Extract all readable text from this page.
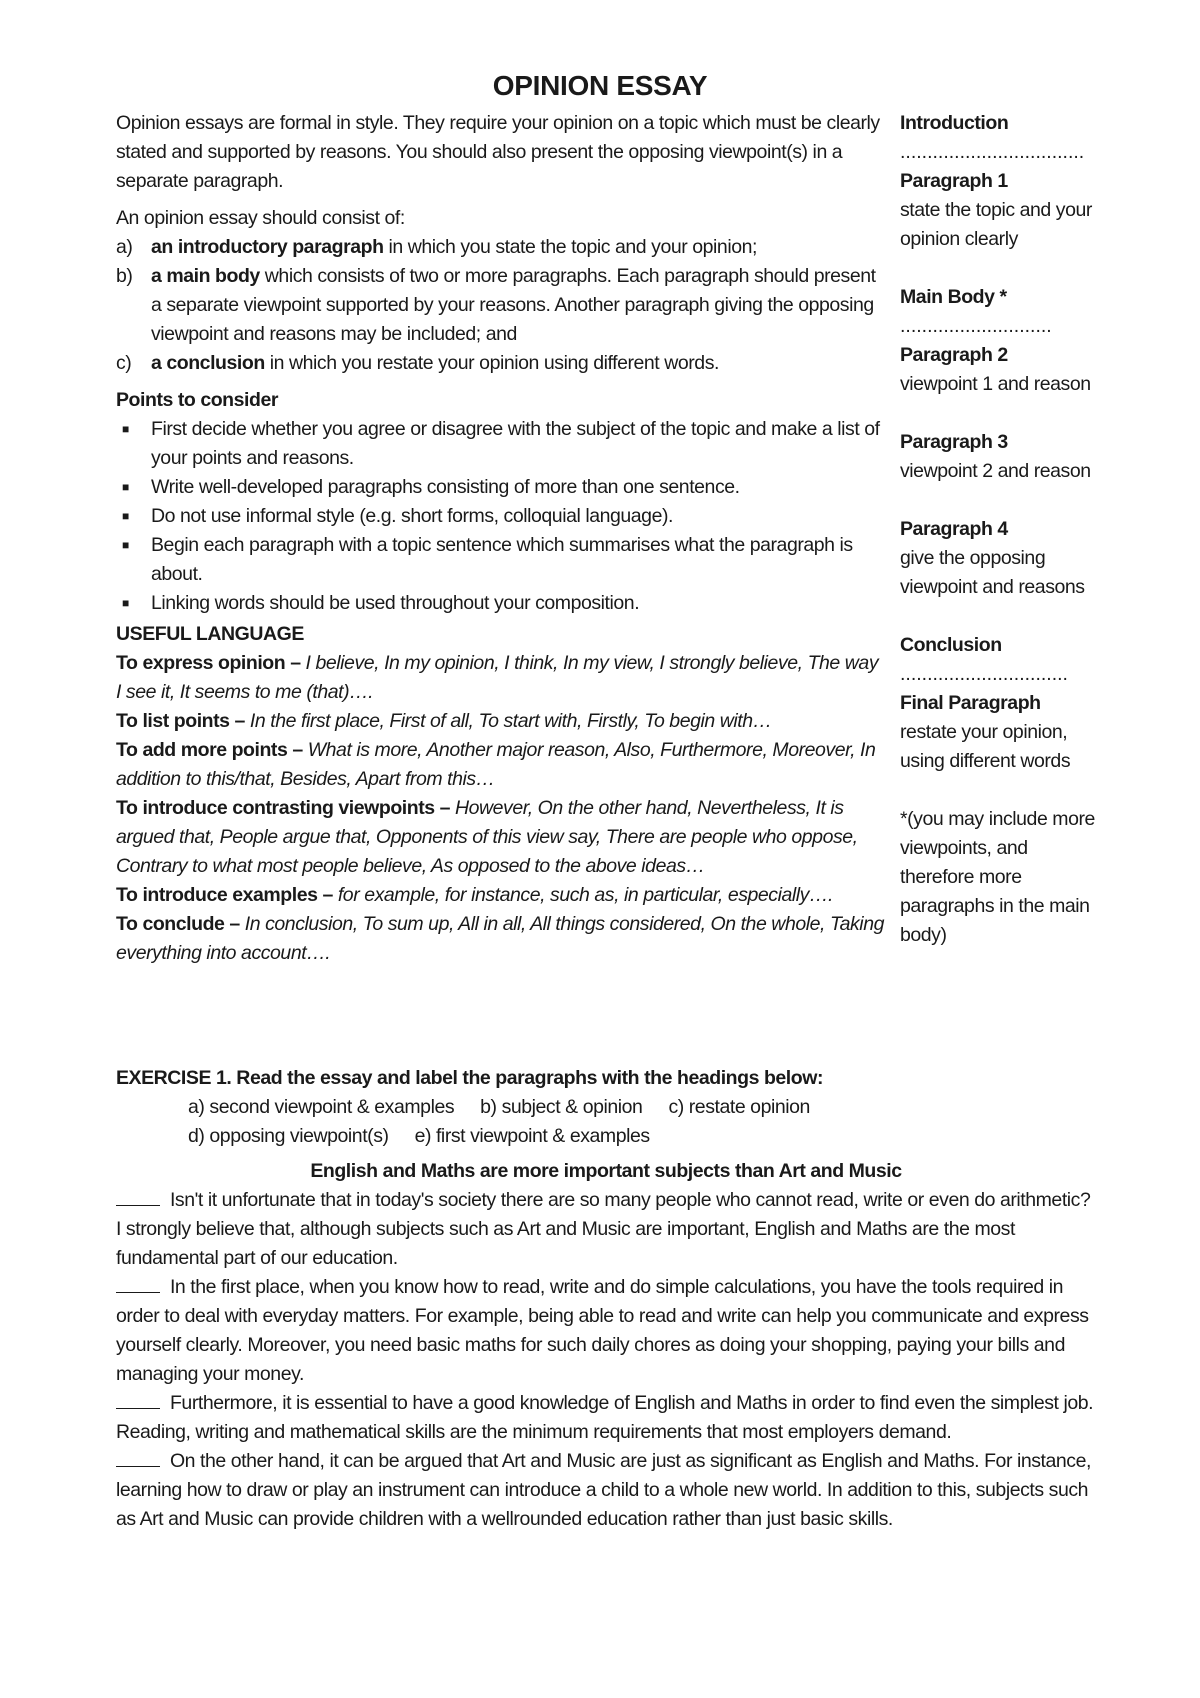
OPINION ESSAY

Opinion essays are formal in style. They require your opinion on a topic which must be clearly stated and supported by reasons. You should also present the opposing viewpoint(s) in a separate paragraph.

An opinion essay should consist of:

a) an introductory paragraph in which you state the topic and your opinion;

b) a main body which consists of two or more paragraphs. Each paragraph should present a separate viewpoint supported by your reasons. Another paragraph giving the opposing viewpoint and reasons may be included; and

c) a conclusion in which you restate your opinion using different words.

Points to consider

■ First decide whether you agree or disagree with the subject of the topic and make a list of your points and reasons.

■ Write well-developed paragraphs consisting of more than one sentence.

■ Do not use informal style (e.g. short forms, colloquial language).

■ Begin each paragraph with a topic sentence which summarises what the paragraph is about.

■ Linking words should be used throughout your composition.

USEFUL LANGUAGE

To express opinion – I believe, In my opinion, I think, In my view, I strongly believe, The way I see it, It seems to me (that)….

To list points – In the first place, First of all, To start with, Firstly, To begin with…

To add more points – What is more, Another major reason, Also, Furthermore, Moreover, In addition to this/that, Besides, Apart from this…

To introduce contrasting viewpoints – However, On the other hand, Nevertheless, It is argued that, People argue that, Opponents of this view say, There are people who oppose, Contrary to what most people believe, As opposed to the above ideas…

To introduce examples – for example, for instance, such as, in particular, especially….

To conclude – In conclusion, To sum up, All in all, All things considered, On the whole, Taking everything into account….

Introduction

..................................

Paragraph 1

state the topic and your opinion clearly

Main Body *

............................

Paragraph 2

viewpoint 1 and reason

Paragraph 3

viewpoint 2 and reason

Paragraph 4

give the opposing viewpoint and reasons

Conclusion

...............................

Final Paragraph

restate your opinion, using different words

*(you may include more viewpoints, and therefore more paragraphs in the main body)

EXERCISE 1. Read the essay and label the paragraphs with the headings below:

a) second viewpoint & examples b) subject & opinion c) restate opinion

d) opposing viewpoint(s) e) first viewpoint & examples

English and Maths are more important subjects than Art and Music

Isn't it unfortunate that in today's society there are so many people who cannot read, write or even do arithmetic? I strongly believe that, although subjects such as Art and Music are important, English and Maths are the most fundamental part of our education.

In the first place, when you know how to read, write and do simple calculations, you have the tools required in order to deal with everyday matters. For example, being able to read and write can help you communicate and express yourself clearly. Moreover, you need basic maths for such daily chores as doing your shopping, paying your bills and managing your money.

Furthermore, it is essential to have a good knowledge of English and Maths in order to find even the simplest job. Reading, writing and mathematical skills are the minimum requirements that most employers demand.

On the other hand, it can be argued that Art and Music are just as significant as English and Maths. For instance, learning how to draw or play an instrument can introduce a child to a whole new world. In addition to this, subjects such as Art and Music can provide children with a wellrounded education rather than just basic skills.
